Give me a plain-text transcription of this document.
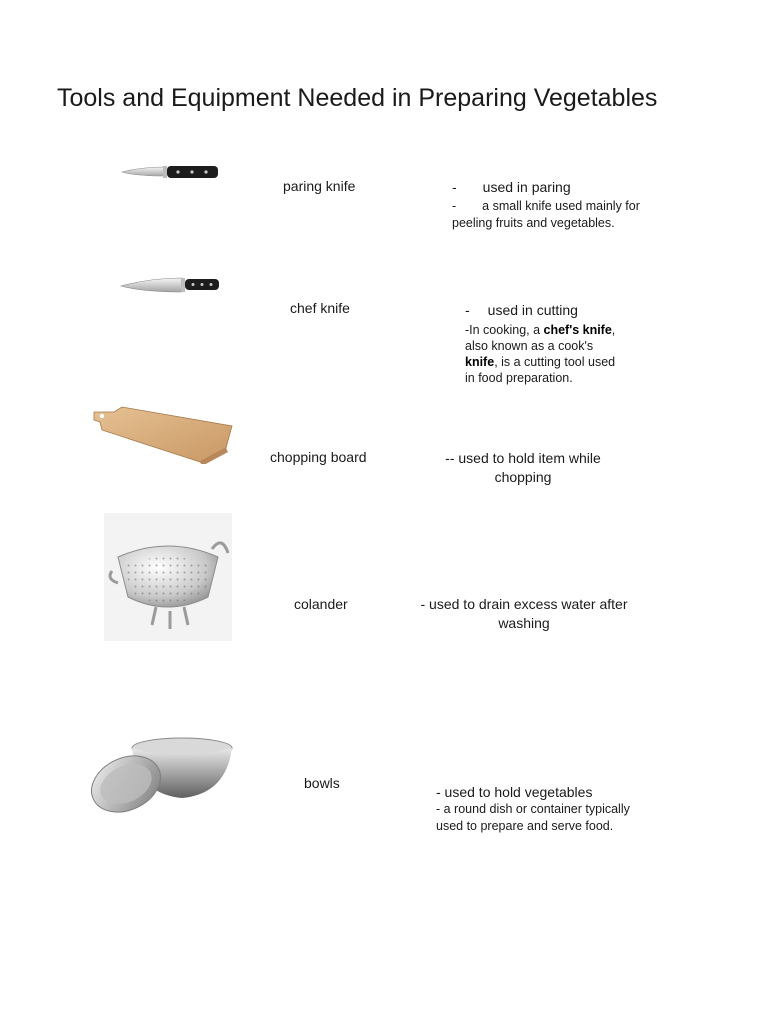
Tools and Equipment Needed in Preparing Vegetables
paring knife	- used in paring
- a small knife used mainly for peeling fruits and vegetables.
chef knife	- used in cutting
-In cooking, a chef's knife, also known as a cook's knife, is a cutting tool used in food preparation.
chopping board	-- used to hold item while chopping
colander	- used to drain excess water after washing
bowls
- used to hold vegetables
- a round dish or container typically used to prepare and serve food.
